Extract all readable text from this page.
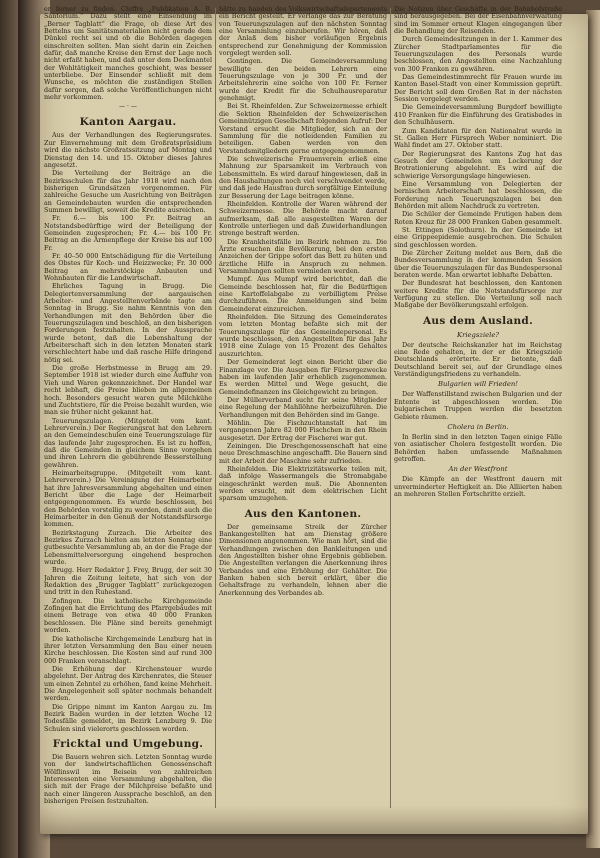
er ferner zu finden. Chiffre „Publikation A. B. Santorium.“ Dazu stellt eine Einsendung im „Berner Tagblatt“ die Frage, ob diese Art des Bettelns um Sanitätsmaterialien nicht gerade dem Dünkel recht sei und ob die Behörden dagegen einschreiten sollten. Man sieht darin ein Zeichen dafür, daß manche Kreise den Ernst der Lage noch nicht erfaßt haben, und daß unter dem Deckmantel der Wohltätigkeit manches geschieht, was besser unterbliebe. Der Einsender schließt mit dem Wunsche, es möchten die zuständigen Stellen dafür sorgen, daß solche Veröffentlichungen nicht mehr vorkommen.

— · —
Kanton Aargau.

Aus der Verhandlungen des Regierungsrates. Zur Einvernehmung mit dem Großratspräsidium wird die nächste Großratssitzung auf Montag und Dienstag den 14. und 15. Oktober dieses Jahres angesetzt.

Die Verteilung der Beiträge an die Bezirksschulen für das Jahr 1918 wird nach den bisherigen Grundsätzen vorgenommen. Für zahlreiche Gesuche um Ausrichtung von Beiträgen an Gemeindebauten wurden die entsprechenden Summen bewilligt, soweit die Kredite ausreichen.

Fr. 6.— bis 100 Fr. Beitrag an Notstandsbedürftige wird der Beteiligung der Gemeinden zugesprochen; Fr. 4.— bis 100 Fr. Beitrag an die Armenpflege der Kreise bis auf 100 Fr.

Fr. 40–50 000 Entschädigung für die Verteilung des Obstes für Koch- und Heizzwecke; Fr. 30 000 Beitrag an mehrstöckige Anbauten und Wohnbauten für die Landwirtschaft.

Ehrliches Tagung in Brugg. Die Delegiertenversammlung der aargauischen Arbeiter- und Angestelltenverbände tagte am Sonntag in Brugg. Sie nahm Kenntnis von den Verhandlungen mit den Behörden über die Teuerungszulagen und beschloß, an den bisherigen Forderungen festzuhalten. In der Aussprache wurde betont, daß die Lebenshaltung der Arbeiterschaft sich in den letzten Monaten stark verschlechtert habe und daß rasche Hilfe dringend nötig sei.

Die große Herbstmesse in Brugg am 29. September 1918 ist wieder durch eine Auffuhr von Vieh und Waren gekennzeichnet. Der Handel war recht lebhaft, die Preise blieben im allgemeinen hoch. Besonders gesucht waren gute Milchkühe und Zuchtstiere, für die Preise bezahlt wurden, wie man sie früher nicht gekannt hat.

Teuerungszulagen. (Mitgeteilt vom kant. Lehrerverein.) Der Regierungsrat hat den Lehrern an den Gemeindeschulen eine Teuerungszulage für das laufende Jahr zugesprochen. Es ist zu hoffen, daß die Gemeinden in gleichem Sinne vorgehen und ihren Lehrern die gebührende Besserstellung gewähren.

Heimarbeitsgruppe. (Mitgeteilt vom kant. Lehrerverein.) Die Vereinigung der Heimarbeiter hat ihre Jahresversammlung abgehalten und einen Bericht über die Lage der Heimarbeit entgegengenommen. Es wurde beschlossen, bei den Behörden vorstellig zu werden, damit auch die Heimarbeiter in den Genuß der Notstandsfürsorge kommen.

Bezirkstagung Zurzach. Die Arbeiter des Bezirkes Zurzach hielten am letzten Sonntag eine gutbesuchte Versammlung ab, an der die Frage der Lebensmittelversorgung eingehend besprochen wurde.

Brugg. Herr Redaktor J. Frey, Brugg, der seit 30 Jahren die Zeitung leitete, hat sich von der Redaktion des „Brugger Tagblatt“ zurückgezogen und tritt in den Ruhestand.

Zofingen. Die katholische Kirchgemeinde Zofingen hat die Errichtung des Pfarrgebäudes mit einem Betrage von etwa 40 000 Franken beschlossen. Die Pläne sind bereits genehmigt worden.

Die katholische Kirchgemeinde Lenzburg hat in ihrer letzten Versammlung den Bau einer neuen Kirche beschlossen. Die Kosten sind auf rund 300 000 Franken veranschlagt.

Die Erhöhung der Kirchensteuer wurde abgelehnt. Der Antrag des Kirchenrates, die Steuer um einen Zehntel zu erhöhen, fand keine Mehrheit. Die Angelegenheit soll später nochmals behandelt werden.

Die Grippe nimmt im Kanton Aargau zu. Im Bezirk Baden wurden in der letzten Woche 12 Todesfälle gemeldet, im Bezirk Lenzburg 9. Die Schulen sind vielerorts geschlossen worden.

Fricktal und Umgebung.

Die Bauern wehren sich. Letzten Sonntag wurde von der landwirtschaftlichen Genossenschaft Wölflinswil im Beisein von zahlreichen Interessenten eine Versammlung abgehalten, die sich mit der Frage der Milchpreise befaßte und nach einer längeren Aussprache beschloß, an den bisherigen Preisen festzuhalten.

hätte zu handen des Volkswirtschaftsdepartements ein Bericht gestellt. Er verlange das zur Beratung von Teuerungszulagen auf den nächsten Sonntag eine Versammlung einzuberufen. Wir hören, daß der Anlaß dem bisher vorläufigen Ergebnis entsprechend zur Genehmigung der Kommission vorgelegt werden soll.

Gontingen. Die Gemeindeversammlung bewilligte den beiden Lehrern eine Teuerungszulage von je 300 Fr. und der Arbeitslehrerin eine solche von 100 Fr. Ferner wurde der Kredit für die Schulhausreparatur genehmigt.

Bei St. Rheinfelden. Zur Schweizermesse erhielt die Sektion Rheinfelden der Schweizerischen Gemeinnützigen Gesellschaft folgenden Aufruf: Der Vorstand ersucht die Mitglieder, sich an der Sammlung für die notleidenden Familien zu beteiligen. Gaben werden von den Vorstandsmitgliedern gerne entgegengenommen.

Die schweizerische Frauenverein erließ eine Mahnung zur Sparsamkeit im Verbrauch von Lebensmitteln. Es wird darauf hingewiesen, daß in den Haushaltungen noch viel verschwendet werde, und daß jede Hausfrau durch sorgfältige Einteilung zur Besserung der Lage beitragen könne.

Rheinfelden. Kontrolle der Waren während der Schweizermesse. Die Behörde macht darauf aufmerksam, daß alle ausgestellten Waren der Kontrolle unterliegen und daß Zuwiderhandlungen strenge bestraft werden.

Die Krankheitsfälle im Bezirk nehmen zu. Die Ärzte ersuchen die Bevölkerung, bei den ersten Anzeichen der Grippe sofort das Bett zu hüten und ärztliche Hilfe in Anspruch zu nehmen. Versammlungen sollten vermieden werden.

Mumpf. Aus Mumpf wird berichtet, daß die Gemeinde beschlossen hat, für die Bedürftigen eine Kartoffelabgabe zu verbilligtem Preise durchzuführen. Die Anmeldungen sind beim Gemeinderat einzureichen.

Rheinfelden. Die Sitzung des Gemeinderates vom letzten Montag befaßte sich mit der Teuerungszulage für das Gemeindepersonal. Es wurde beschlossen, den Angestellten für das Jahr 1918 eine Zulage von 15 Prozent des Gehaltes auszurichten.

Der Gemeinderat legt einen Bericht über die Finanzlage vor. Die Ausgaben für Fürsorgezwecke haben im laufenden Jahr erheblich zugenommen. Es werden Mittel und Wege gesucht, die Gemeindefinanzen ins Gleichgewicht zu bringen.

Der Müllerverband sucht für seine Mitglieder eine Regelung der Mahllöhne herbeizuführen. Die Verhandlungen mit den Behörden sind im Gange.

Möhlin. Die Fischzuchtanstalt hat im vergangenen Jahre 82 000 Fischchen in den Rhein ausgesetzt. Der Ertrag der Fischerei war gut.

Zeiningen. Die Dreschgenossenschaft hat eine neue Dreschmaschine angeschafft. Die Bauern sind mit der Arbeit der Maschine sehr zufrieden.

Rheinfelden. Die Elektrizitätswerke teilen mit, daß infolge Wassermangels die Stromabgabe eingeschränkt werden muß. Die Abonnenten werden ersucht, mit dem elektrischen Licht sparsam umzugehen.

Aus den Kantonen.

Der gemeinsame Streik der Zürcher Bankangestellten hat am Dienstag größere Dimensionen angenommen. Wie man hört, sind die Verhandlungen zwischen den Bankleitungen und den Angestellten bisher ohne Ergebnis geblieben. Die Angestellten verlangen die Anerkennung ihres Verbandes und eine Erhöhung der Gehälter. Die Banken haben sich bereit erklärt, über die Gehaltsfrage zu verhandeln, lehnen aber die Anerkennung des Verbandes ab.

Die Notizen über Geschäfte in der Bahnhofstraße sind herausgegeben. Bei der Eisenbahnverwaltung sind im Sommer erneut Klagen eingegangen über die Behandlung der Reisenden.

Durch Gemeindesitzungen in der 1. Kammer des Zürcher Stadtparlamentes für die Teuerungszulagen des Personals wurde beschlossen, den Angestellten eine Nachzahlung von 300 Franken zu gewähren.

Das Gemeindestimmrecht für Frauen wurde im Kanton Basel-Stadt von einer Kommission geprüft. Der Bericht soll dem Großen Rat in der nächsten Session vorgelegt werden.

Die Gemeindeversammlung Burgdorf bewilligte 410 Franken für die Einführung des Gratisbades in den Schulhäusern.

Zum Kandidaten für den Nationalrat wurde in St. Gallen Herr Fürsprech Weber nominiert. Die Wahl findet am 27. Oktober statt.

Der Regierungsrat des Kantons Zug hat das Gesuch der Gemeinden um Lockerung der Brotrationierung abgelehnt. Es wird auf die schwierige Versorgungslage hingewiesen.

Eine Versammlung von Delegierten der bernischen Arbeiterschaft hat beschlossen, die Forderung nach Teuerungszulagen bei den Behörden mit allem Nachdruck zu vertreten.

Die Schüler der Gemeinde Frutigen haben dem Roten Kreuz für 28 000 Franken Gaben gesammelt.

St. Ettingen (Solothurn). In der Gemeinde ist eine Grippeepidemie ausgebrochen. Die Schulen sind geschlossen worden.

Die Zürcher Zeitung meldet aus Bern, daß die Bundesversammlung in der kommenden Session über die Teuerungszulagen für das Bundespersonal beraten werde. Man erwartet lebhafte Debatten.

Der Bundesrat hat beschlossen, den Kantonen weitere Kredite für die Notstandsfürsorge zur Verfügung zu stellen. Die Verteilung soll nach Maßgabe der Bevölkerungszahl erfolgen.

Aus dem Ausland.
Kriegsziele?

Der deutsche Reichskanzler hat im Reichstag eine Rede gehalten, in der er die Kriegsziele Deutschlands erörterte. Er betonte, daß Deutschland bereit sei, auf der Grundlage eines Verständigungsfriedens zu verhandeln.

Bulgarien will Frieden!

Der Waffenstillstand zwischen Bulgarien und der Entente ist abgeschlossen worden. Die bulgarischen Truppen werden die besetzten Gebiete räumen.

Cholera in Berlin.

In Berlin sind in den letzten Tagen einige Fälle von asiatischer Cholera festgestellt worden. Die Behörden haben umfassende Maßnahmen getroffen.

An der Westfront

Die Kämpfe an der Westfront dauern mit unverminderter Heftigkeit an. Die Alliierten haben an mehreren Stellen Fortschritte erzielt.
